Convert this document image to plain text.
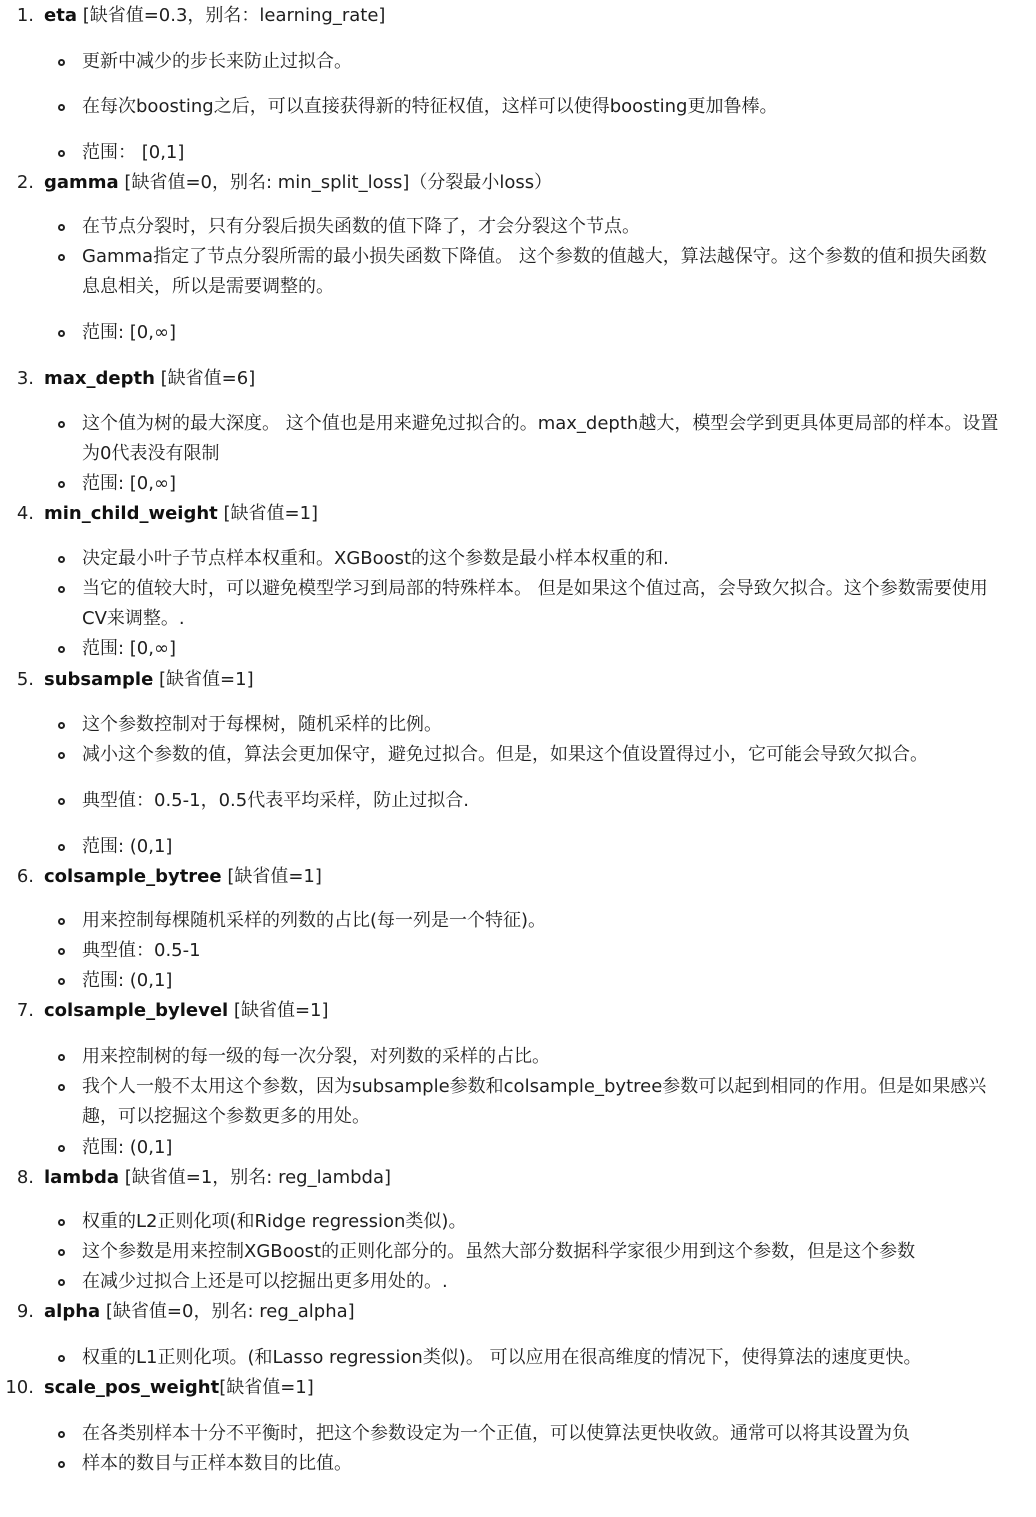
1. eta [缺省值=0.3，别名：learning_rate]
2. gamma [缺省值=0，别名: min_split_loss]（分裂最小loss）
3. max_depth [缺省值=6]
4. min_child_weight [缺省值=1]
5. subsample [缺省值=1]
6. colsample_bytree [缺省值=1]
7. colsample_bylevel [缺省值=1]
8. lambda [缺省值=1，别名: reg_lambda]
9. alpha [缺省值=0，别名: reg_alpha]
10. scale_pos_weight[缺省值=1]
更新中减少的步长来防止过拟合。
在每次boosting之后，可以直接获得新的特征权值，这样可以使得boosting更加鲁棒。
范围： [0,1]
在节点分裂时，只有分裂后损失函数的值下降了，才会分裂这个节点。
Gamma指定了节点分裂所需的最小损失函数下降值。 这个参数的值越大，算法越保守。这个参数的值和损失函数息息相关，所以是需要调整的。
范围: [0,∞]
这个值为树的最大深度。 这个值也是用来避免过拟合的。max_depth越大，模型会学到更具体更局部的样本。设置为0代表没有限制
范围: [0,∞]
决定最小叶子节点样本权重和。XGBoost的这个参数是最小样本权重的和.
当它的值较大时，可以避免模型学习到局部的特殊样本。 但是如果这个值过高，会导致欠拟合。这个参数需要使用CV来调整。.
范围: [0,∞]
这个参数控制对于每棵树，随机采样的比例。
减小这个参数的值，算法会更加保守，避免过拟合。但是，如果这个值设置得过小，它可能会导致欠拟合。
典型值：0.5-1，0.5代表平均采样，防止过拟合.
范围: (0,1]
用来控制每棵随机采样的列数的占比(每一列是一个特征)。
典型值：0.5-1
范围: (0,1]
用来控制树的每一级的每一次分裂，对列数的采样的占比。
我个人一般不太用这个参数，因为subsample参数和colsample_bytree参数可以起到相同的作用。但是如果感兴趣，可以挖掘这个参数更多的用处。
范围: (0,1]
权重的L2正则化项(和Ridge regression类似)。
这个参数是用来控制XGBoost的正则化部分的。虽然大部分数据科学家很少用到这个参数，但是这个参数
在减少过拟合上还是可以挖掘出更多用处的。.
权重的L1正则化项。(和Lasso regression类似)。 可以应用在很高维度的情况下，使得算法的速度更快。
在各类别样本十分不平衡时，把这个参数设定为一个正值，可以使算法更快收敛。通常可以将其设置为负
样本的数目与正样本数目的比值。
